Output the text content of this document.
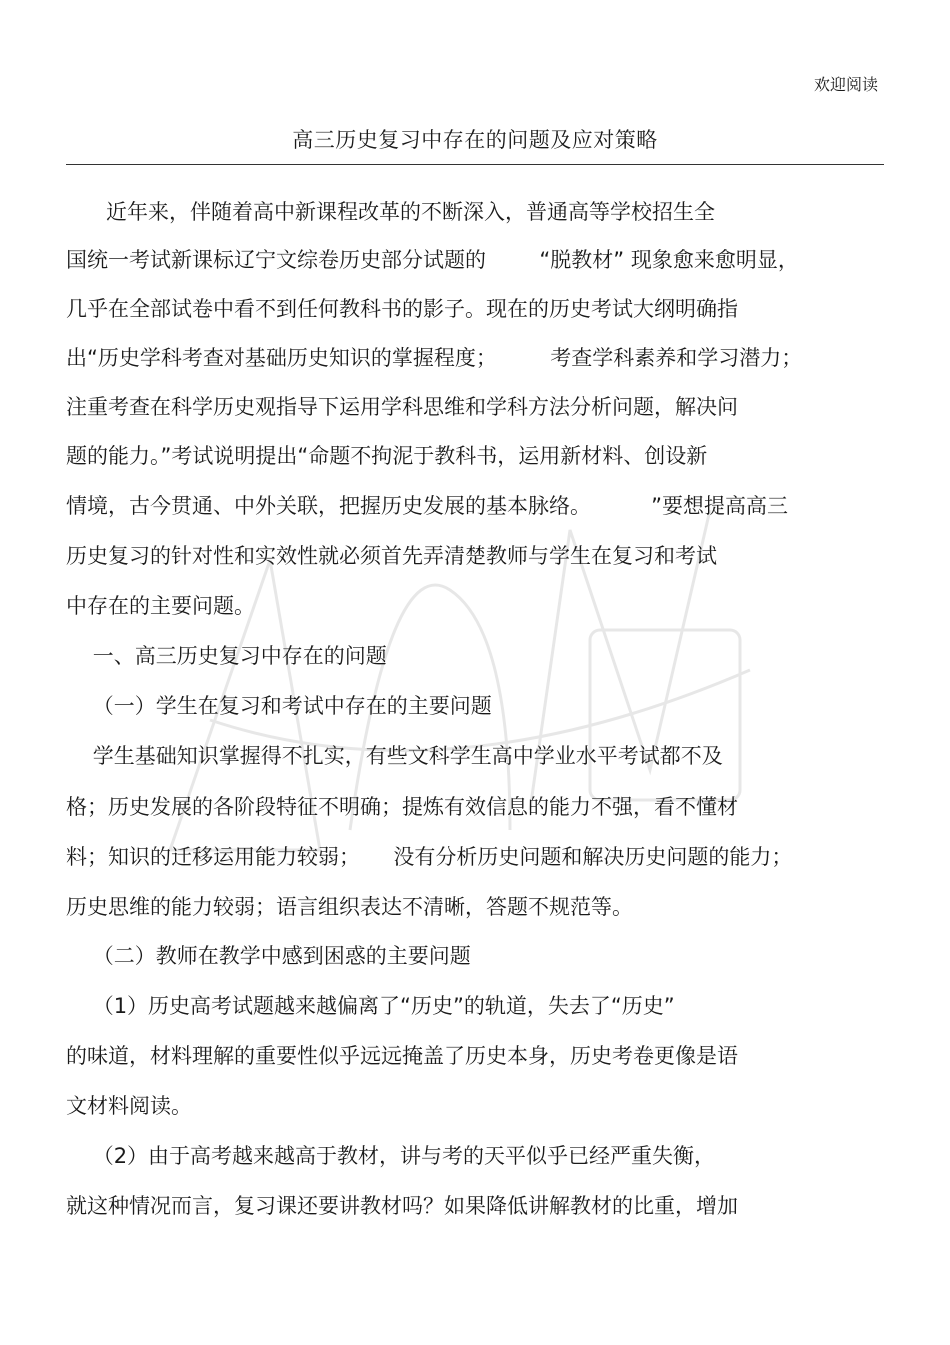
欢迎阅读
高三历史复习中存在的问题及应对策略
近年来，伴随着高中新课程改革的不断深入，普通高等学校招生全
国统一考试新课标辽宁文综卷历史部分试题的        “脱教材” 现象愈来愈明显，
几乎在全部试卷中看不到任何教科书的影子。现在的历史考试大纲明确指
出“历史学科考查对基础历史知识的掌握程度；        考查学科素养和学习潜力；
注重考查在科学历史观指导下运用学科思维和学科方法分析问题，解决问
题的能力。”考试说明提出“命题不拘泥于教科书，运用新材料、创设新
情境，古今贯通、中外关联，把握历史发展的基本脉络。         ”要想提高高三
历史复习的针对性和实效性就必须首先弄清楚教师与学生在复习和考试
中存在的主要问题。
一、高三历史复习中存在的问题
（一）学生在复习和考试中存在的主要问题
学生基础知识掌握得不扎实，有些文科学生高中学业水平考试都不及
格；历史发展的各阶段特征不明确；提炼有效信息的能力不强，看不懂材
料；知识的迁移运用能力较弱；     没有分析历史问题和解决历史问题的能力；
历史思维的能力较弱；语言组织表达不清晰，答题不规范等。
（二）教师在教学中感到困惑的主要问题
（1）历史高考试题越来越偏离了“历史”的轨道，失去了“历史”
的味道，材料理解的重要性似乎远远掩盖了历史本身，历史考卷更像是语
文材料阅读。
（2）由于高考越来越高于教材，讲与考的天平似乎已经严重失衡，
就这种情况而言，复习课还要讲教材吗？如果降低讲解教材的比重，增加
